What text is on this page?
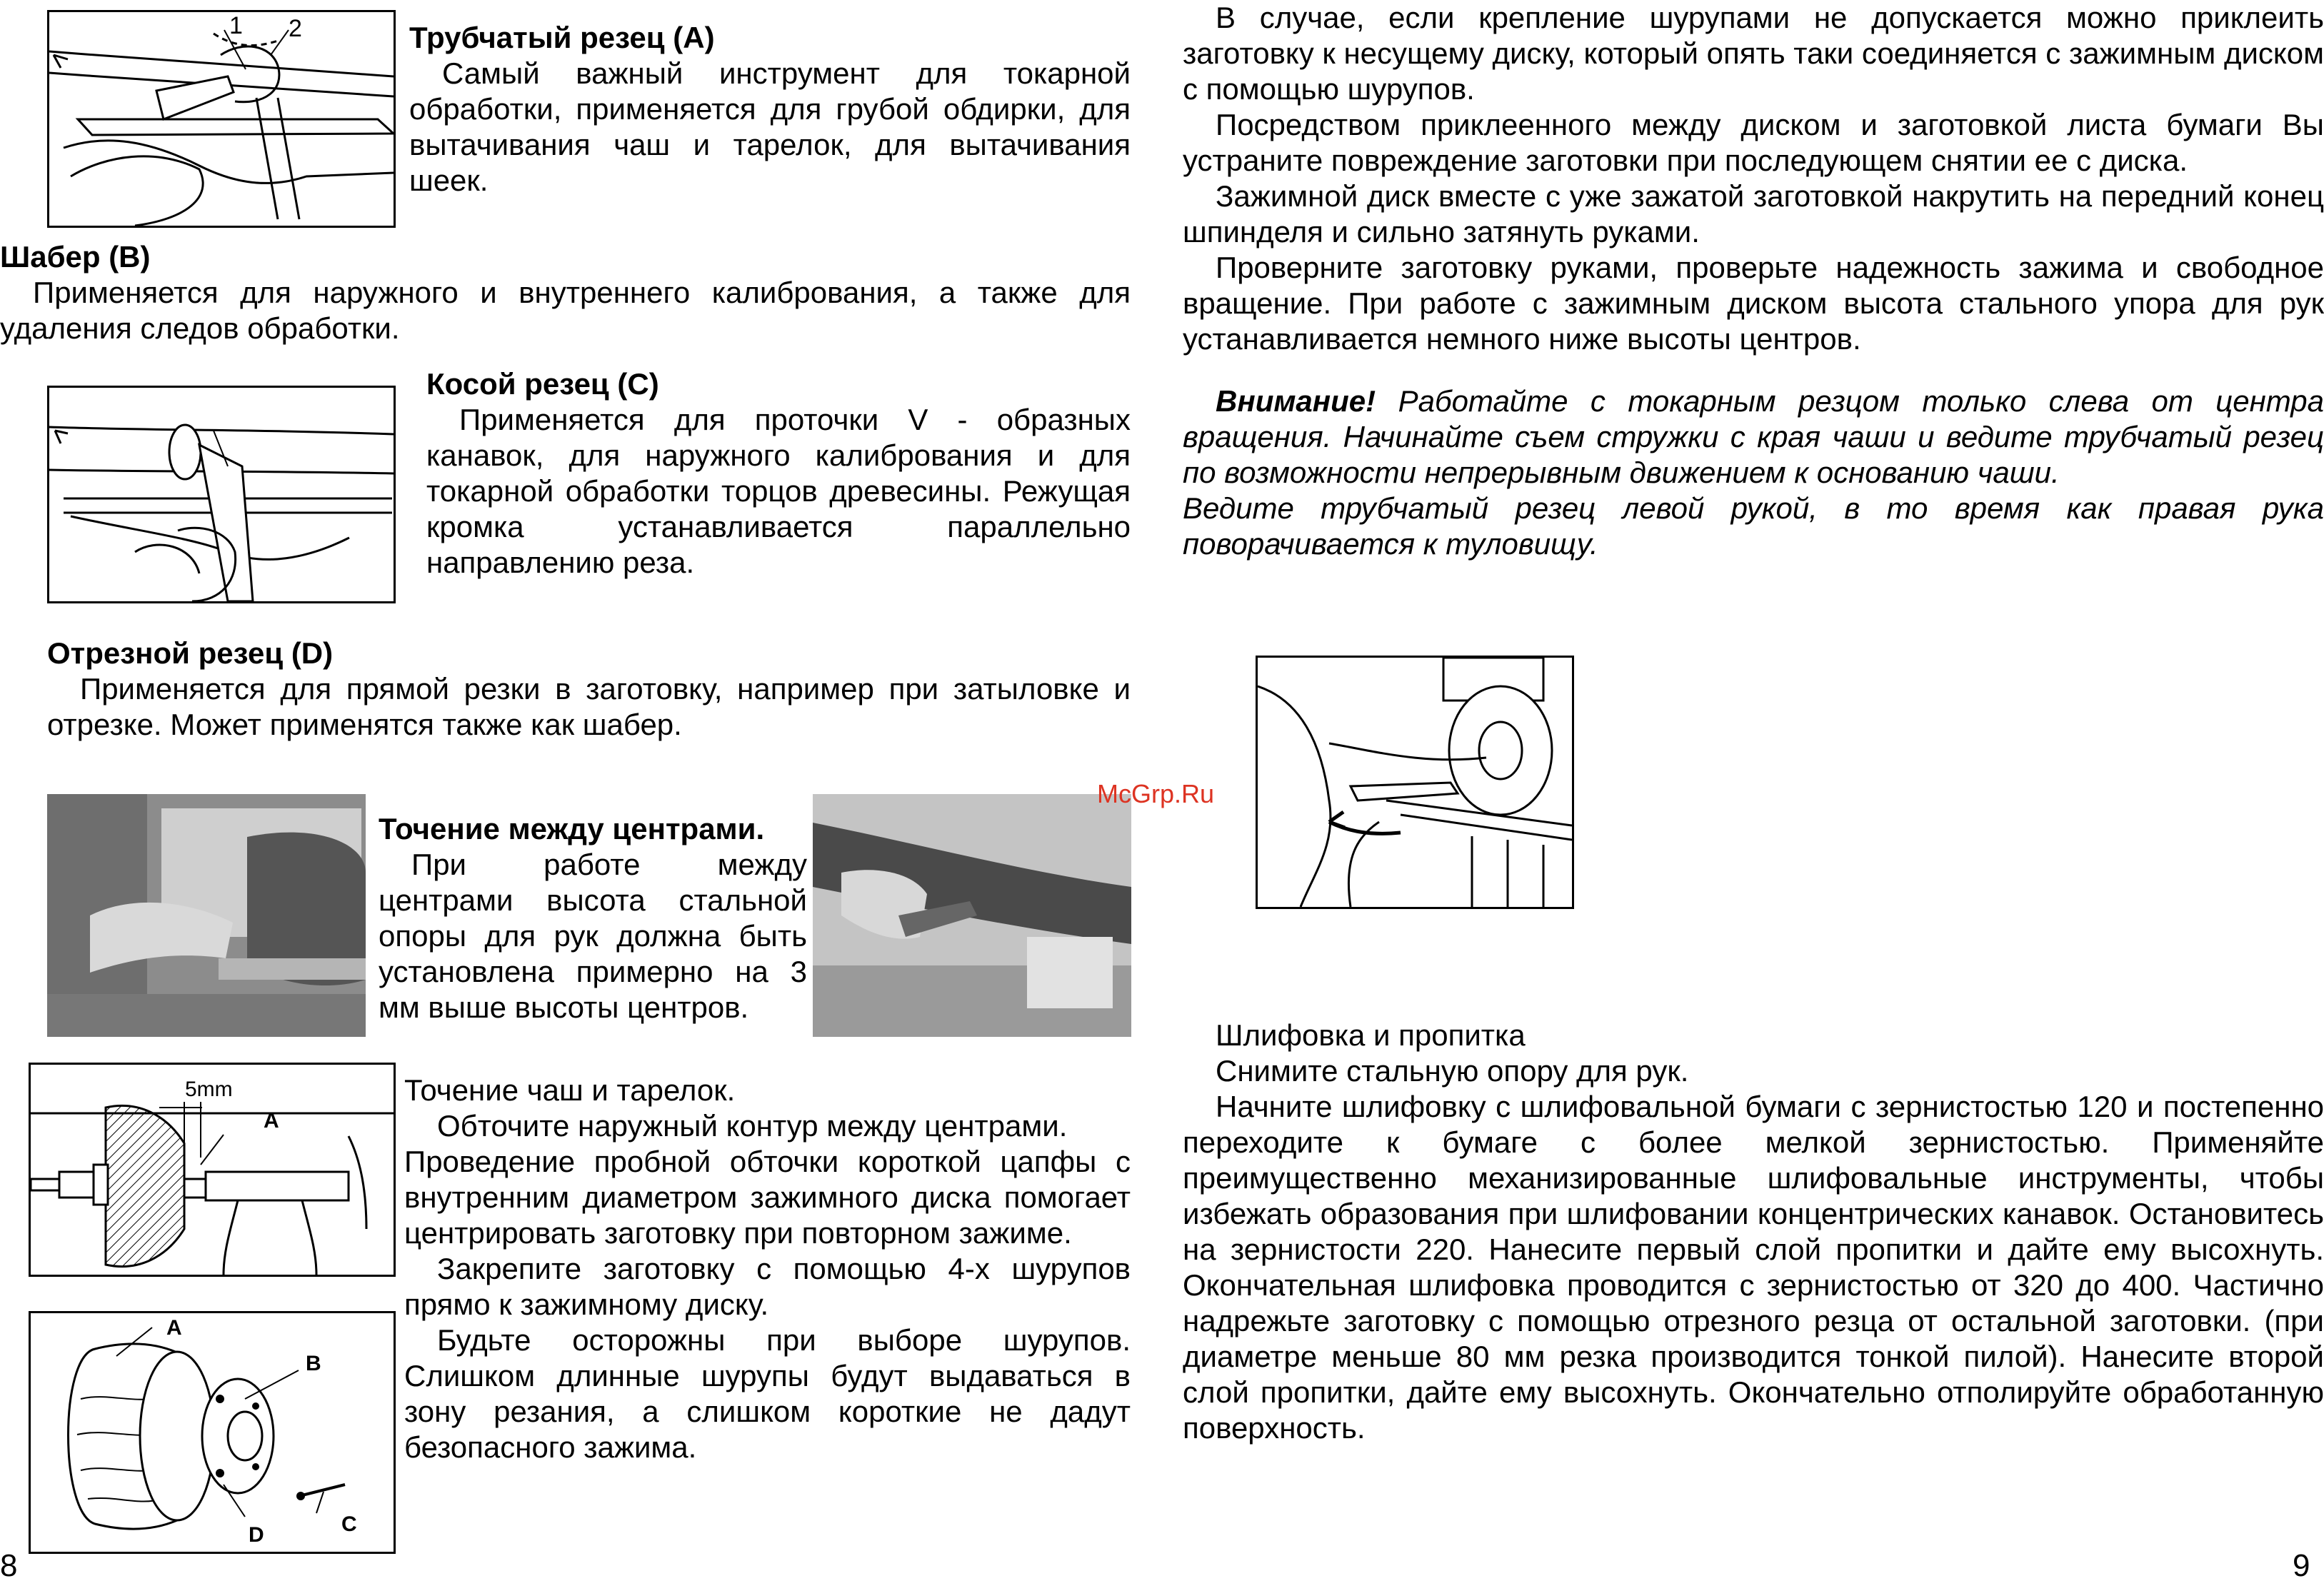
1 2	Трубчатый резец (A)

Самый важный инструмент для токарной обработки, применяется для грубой обдирки, для вытачивания чаш и тарелок, для вытачивания шеек.

Шабер (B)

Применяется для наружного и внутреннего калибрования, а также для удаления следов обработки.

Косой резец (C)

Применяется для проточки V - образных канавок, для наружного калибрования и для токарной обработки торцов древесины. Режущая кромка устанавливается параллельно направлению реза.

Отрезной резец (D)

Применяется для прямой резки в заготовку, например при затыловке и отрезке. Может применятся также как шабер.

Точение между центрами.

При работе между центрами высота стальной опоры для рук должна быть установлена примерно на 3 мм выше высоты центров.

5mm
A
A
B
C
D

Точение чаш и тарелок.

Обточите наружный контур между центрами.

Проведение пробной обточки короткой цапфы с внутренним диаметром зажимного диска помогает центрировать заготовку при повторном зажиме.

Закрепите заготовку с помощью 4-х шурупов прямо к зажимному диску.

Будьте осторожны при выборе шурупов. Слишком длинные шурупы будут выдаваться в зону резания, а слишком короткие не дадут безопасного зажима.

8

В случае, если крепление шурупами не допускается можно приклеить заготовку к несущему диску, который опять таки соединяется с зажимным диском с помощью шурупов.

Посредством приклеенного между диском и заготовкой листа бумаги Вы устраните повреждение заготовки при последующем снятии ее с диска.

Зажимной диск вместе с уже зажатой заготовкой накрутить на передний конец шпинделя и сильно затянуть руками.

Проверните заготовку руками, проверьте надежность зажима и свободное вращение. При работе с зажимным диском высота стального упора для рук устанавливается немного ниже высоты центров.

Внимание! Работайте с токарным резцом только слева от центра вращения. Начинайте съем стружки с края чаши и ведите трубчатый резец по возможности непрерывным движением к основанию чаши.

Ведите трубчатый резец левой рукой, в то время как правая рука поворачивается к туловищу.

McGrp.Ru

Шлифовка и пропитка

Снимите стальную опору для рук.

Начните шлифовку с шлифовальной бумаги с зернистостью 120 и постепенно переходите к бумаге с более мелкой зернистостью. Применяйте преимущественно механизированные шлифовальные инструменты, чтобы избежать образования при шлифовании концентрических канавок. Остановитесь на зернистости 220. Нанесите первый слой пропитки и дайте ему высохнуть. Окончательная шлифовка проводится с зернистостью от 320 до 400. Частично надрежьте заготовку с помощью отрезного резца от остальной заготовки. (при диаметре меньше 80 мм резка производится тонкой пилой). Нанесите второй слой пропитки, дайте ему высохнуть. Окончательно отполируйте обработанную поверхность.

9
